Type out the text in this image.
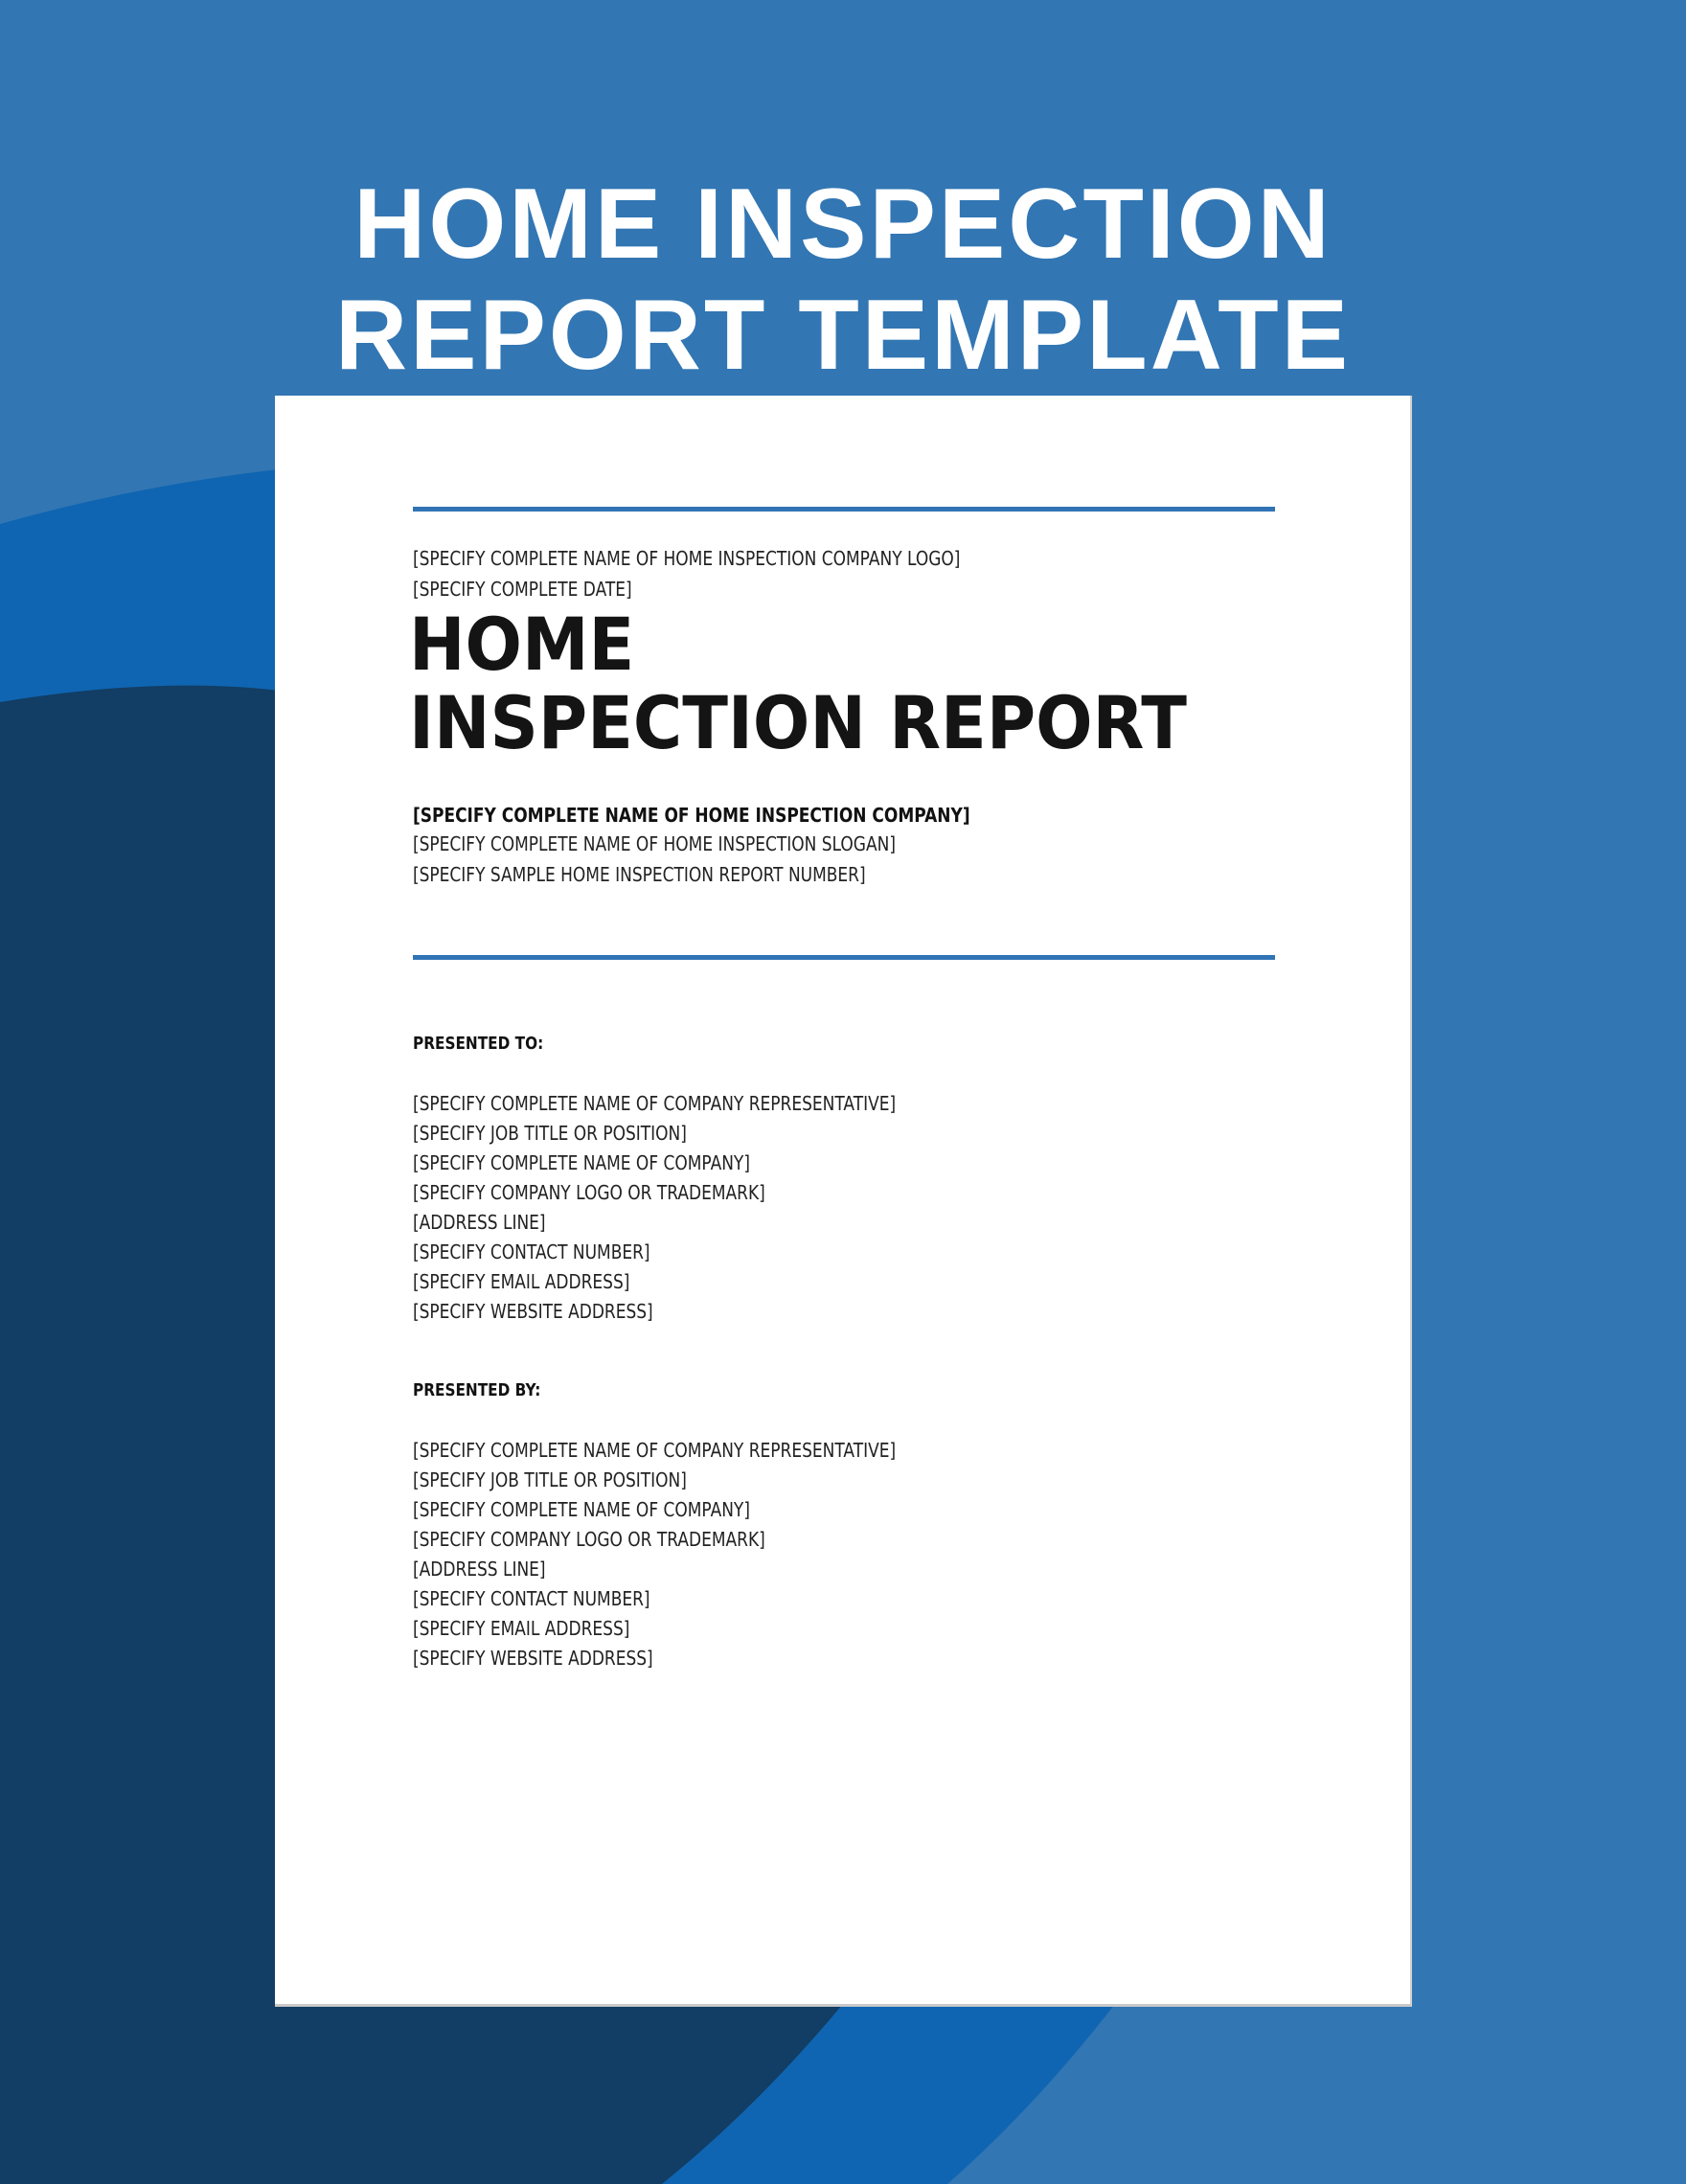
HOME INSPECTION
REPORT TEMPLATE
[SPECIFY COMPLETE NAME OF HOME INSPECTION COMPANY LOGO]
[SPECIFY COMPLETE DATE]
HOME
INSPECTION REPORT
[SPECIFY COMPLETE NAME OF HOME INSPECTION COMPANY]
[SPECIFY COMPLETE NAME OF HOME INSPECTION SLOGAN]
[SPECIFY SAMPLE HOME INSPECTION REPORT NUMBER]
PRESENTED TO:
[SPECIFY COMPLETE NAME OF COMPANY REPRESENTATIVE]
[SPECIFY JOB TITLE OR POSITION]
[SPECIFY COMPLETE NAME OF COMPANY]
[SPECIFY COMPANY LOGO OR TRADEMARK]
[ADDRESS LINE]
[SPECIFY CONTACT NUMBER]
[SPECIFY EMAIL ADDRESS]
[SPECIFY WEBSITE ADDRESS]
PRESENTED BY:
[SPECIFY COMPLETE NAME OF COMPANY REPRESENTATIVE]
[SPECIFY JOB TITLE OR POSITION]
[SPECIFY COMPLETE NAME OF COMPANY]
[SPECIFY COMPANY LOGO OR TRADEMARK]
[ADDRESS LINE]
[SPECIFY CONTACT NUMBER]
[SPECIFY EMAIL ADDRESS]
[SPECIFY WEBSITE ADDRESS]
